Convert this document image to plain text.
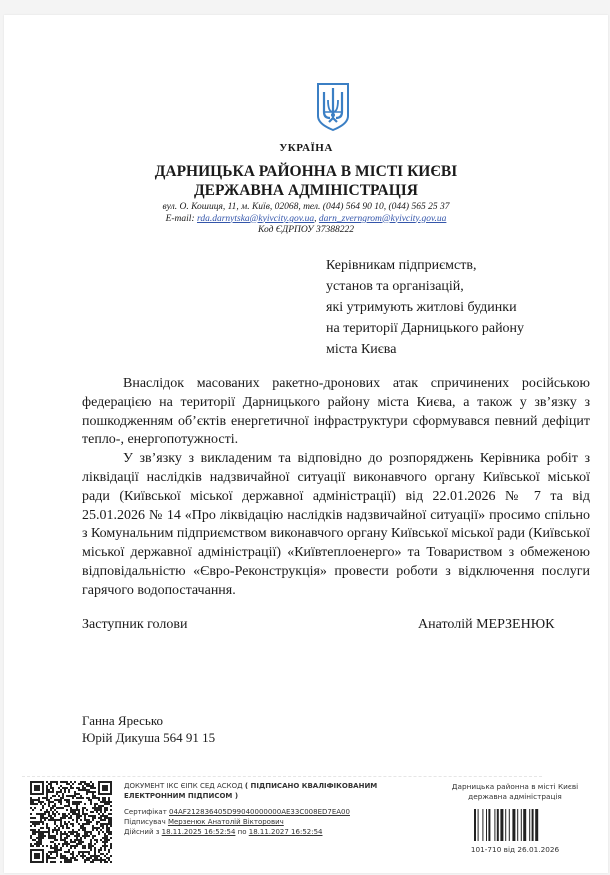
УКРАЇНА
ДАРНИЦЬКА РАЙОННА В МІСТІ КИЄВІ
ДЕРЖАВНА АДМІНІСТРАЦІЯ
вул. О. Кошиця, 11, м. Київ, 02068, тел. (044) 564 90 10, (044) 565 25 37
E-mail: rda.darnytska@kyivcity.gov.ua, darn_zverngrom@kyivcity.gov.ua
Код ЄДРПОУ 37388222
Керівникам підприємств,
установ та організацій,
які утримують житлові будинки
на території Дарницького району
міста Києва

Внаслідок масованих ракетно-дронових атак спричинених російською федерацією на території Дарницького району міста Києва, а також у зв’язку з пошкодженням об’єктів енергетичної інфраструктури сформувався певний дефіцит тепло-, енергопотужності.

У зв’язку з викладеним та відповідно до розпоряджень Керівника робіт з ліквідації наслідків надзвичайної ситуації виконавчого органу Київської міської ради (Київської міської державної адміністрації) від 22.01.2026 № 7 та від 25.01.2026 № 14 «Про ліквідацію наслідків надзвичайної ситуації» просимо спільно з Комунальним підприємством виконавчого органу Київської міської ради (Київської міської державної адміністрації) «Київтеплоенерго» та Товариством з обмеженою відповідальністю «Євро-Реконструкція» провести роботи з відключення послуги гарячого водопостачання.

Заступник голови	Анатолій МЕРЗЕНЮК
Ганна Яресько
Юрій Дикуша 564 91 15
ДОКУМЕНТ ІКС ЄІПК СЕД АСКОД ( ПІДПИСАНО КВАЛІФІКОВАНИМ ЕЛЕКТРОННИМ ПІДПИСОМ )
Сертифікат 04AF212836405D99040000000AE33C008ED7EA00
Підписувач Мерзенюк Анатолій Вікторович
Дійсний з 18.11.2025 16:52:54 по 18.11.2027 16:52:54
Дарницька районна в місті Києві
державна адміністрація
101-710 від 26.01.2026
